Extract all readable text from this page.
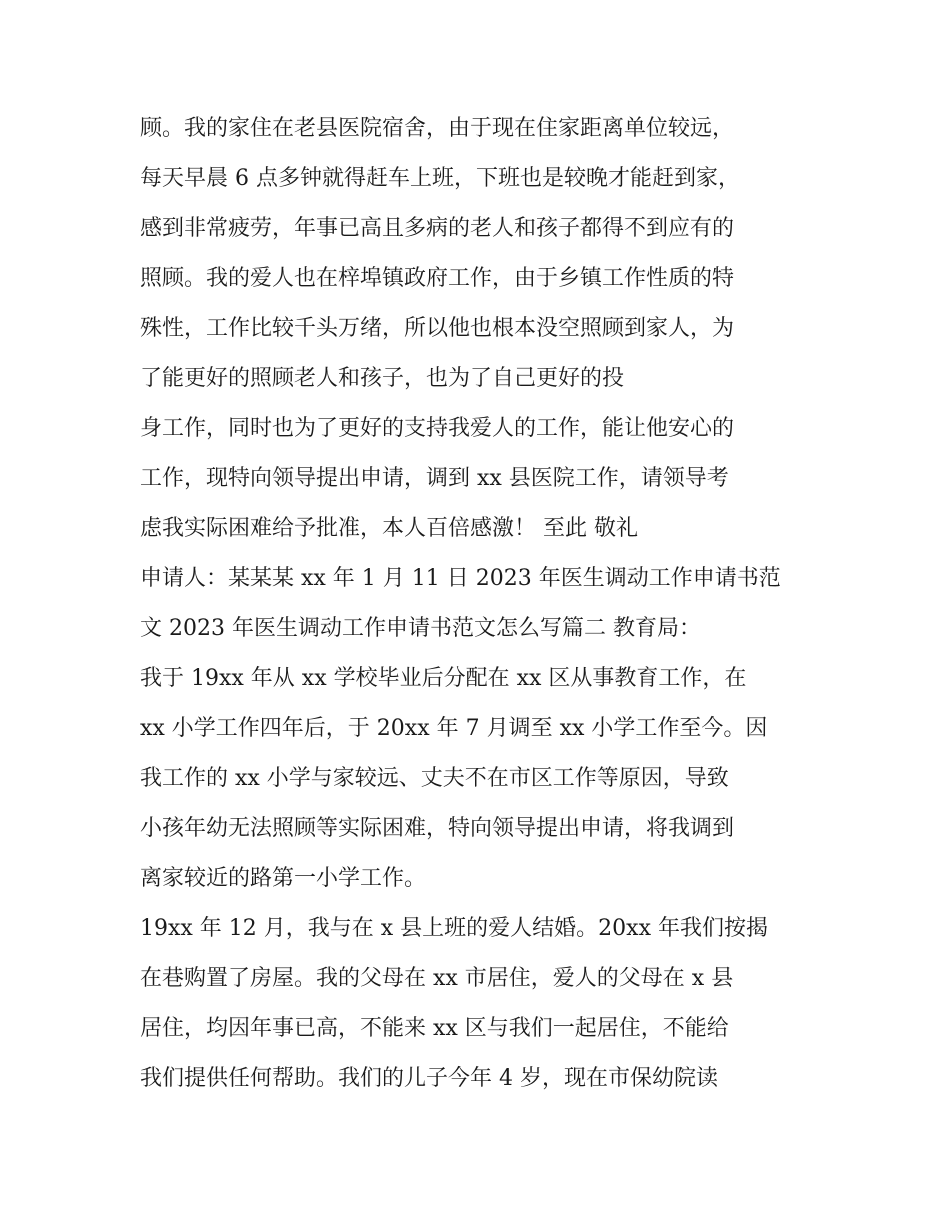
顾。我的家住在老县医院宿舍，由于现在住家距离单位较远，
每天早晨 6 点多钟就得赶车上班，下班也是较晚才能赶到家，
感到非常疲劳，年事已高且多病的老人和孩子都得不到应有的
照顾。我的爱人也在梓埠镇政府工作，由于乡镇工作性质的特
殊性，工作比较千头万绪，所以他也根本没空照顾到家人，为
了能更好的照顾老人和孩子，也为了自己更好的投
身工作，同时也为了更好的支持我爱人的工作，能让他安心的
工作，现特向领导提出申请，调到 xx 县医院工作，请领导考
虑我实际困难给予批准，本人百倍感激！ 至此 敬礼
申请人：某某某 xx 年 1 月 11 日 2023 年医生调动工作申请书范
文 2023 年医生调动工作申请书范文怎么写篇二 教育局：
我于 19xx 年从 xx 学校毕业后分配在 xx 区从事教育工作，在
xx 小学工作四年后，于 20xx 年 7 月调至 xx 小学工作至今。因
我工作的 xx 小学与家较远、丈夫不在市区工作等原因，导致
小孩年幼无法照顾等实际困难，特向领导提出申请，将我调到
离家较近的路第一小学工作。
19xx 年 12 月，我与在 x 县上班的爱人结婚。20xx 年我们按揭
在巷购置了房屋。我的父母在 xx 市居住，爱人的父母在 x 县
居住，均因年事已高，不能来 xx 区与我们一起居住，不能给
我们提供任何帮助。我们的儿子今年 4 岁，现在市保幼院读
